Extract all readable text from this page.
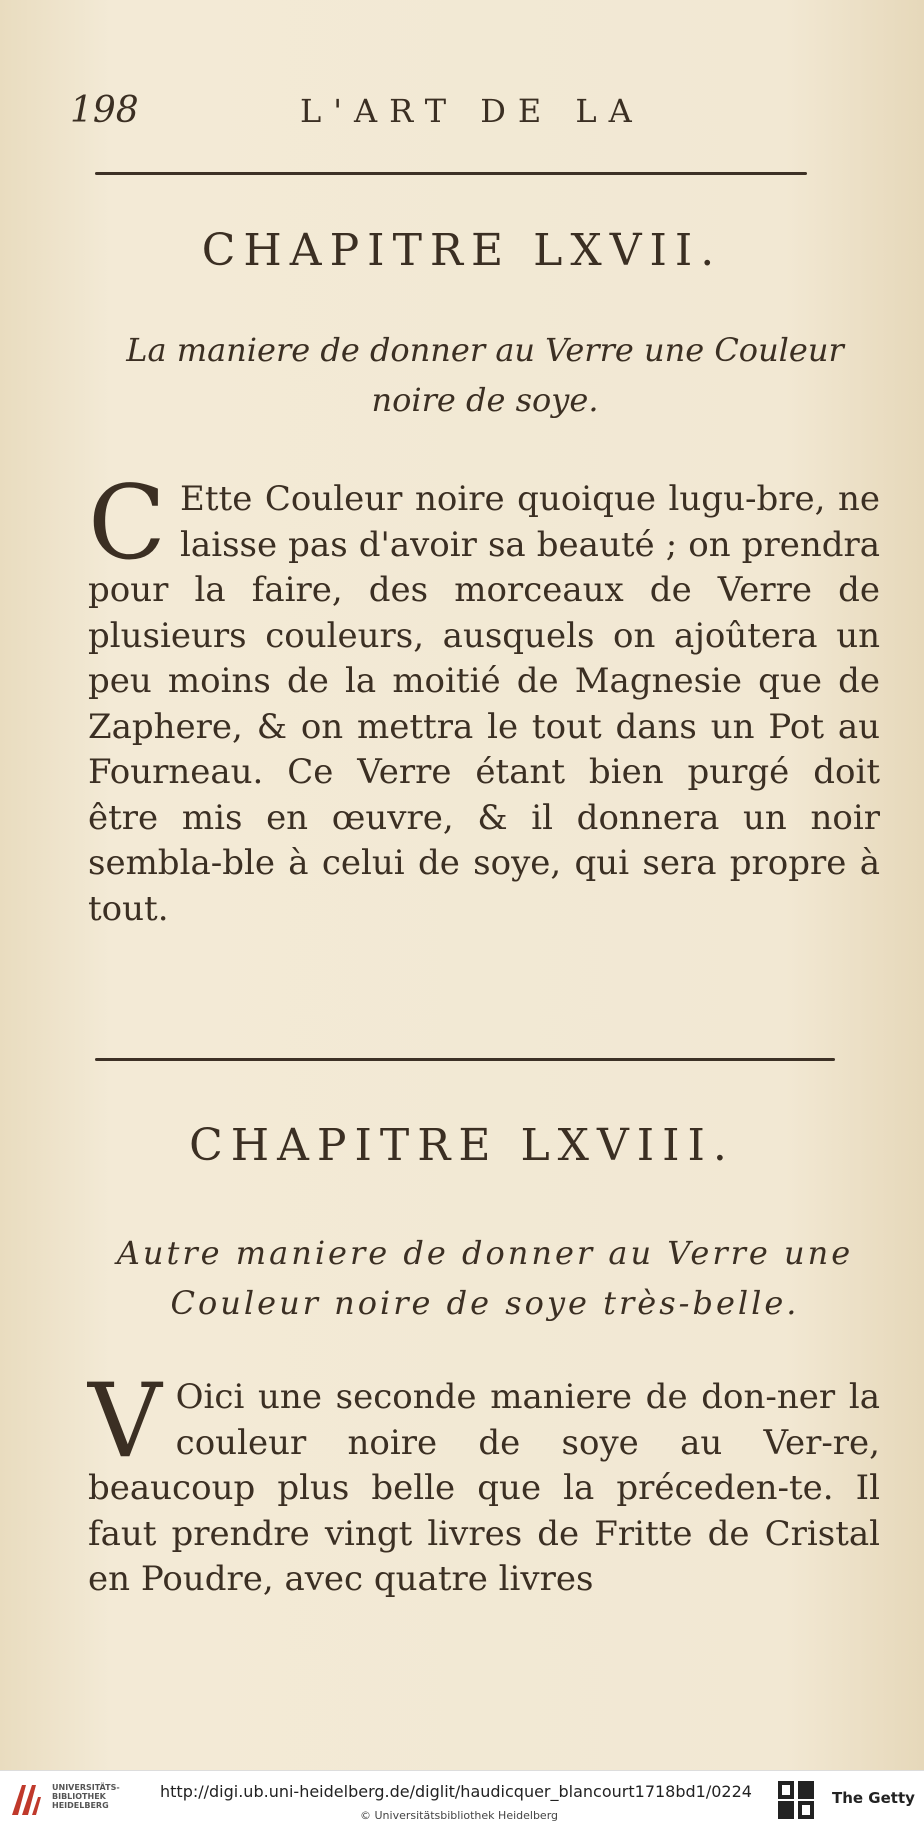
198	L'ART DE LA
CHAPITRE LXVII.
La maniere de donner au Verre une Couleur
noire de soye.
C Ette Couleur noire quoique lugu-bre, ne laisse pas d'avoir sa beauté ; on prendra pour la faire, des morceaux de Verre de plusieurs couleurs, ausquels on ajoûtera un peu moins de la moitié de Magnesie que de Zaphere, & on mettra le tout dans un Pot au Fourneau. Ce Verre étant bien purgé doit être mis en œuvre, & il donnera un noir sembla-ble à celui de soye, qui sera propre à tout.
CHAPITRE LXVIII.
Autre maniere de donner au Verre une
Couleur noire de soye très-belle.
V Oici une seconde maniere de don-ner la couleur noire de soye au Ver-re, beaucoup plus belle que la préceden-te. Il faut prendre vingt livres de Fritte de Cristal en Poudre, avec quatre livres
UNIVERSITÄTS-
BIBLIOTHEK
HEIDELBERG
http://digi.ub.uni-heidelberg.de/diglit/haudicquer_blancourt1718bd1/0224
© Universitätsbibliothek Heidelberg
The Getty
